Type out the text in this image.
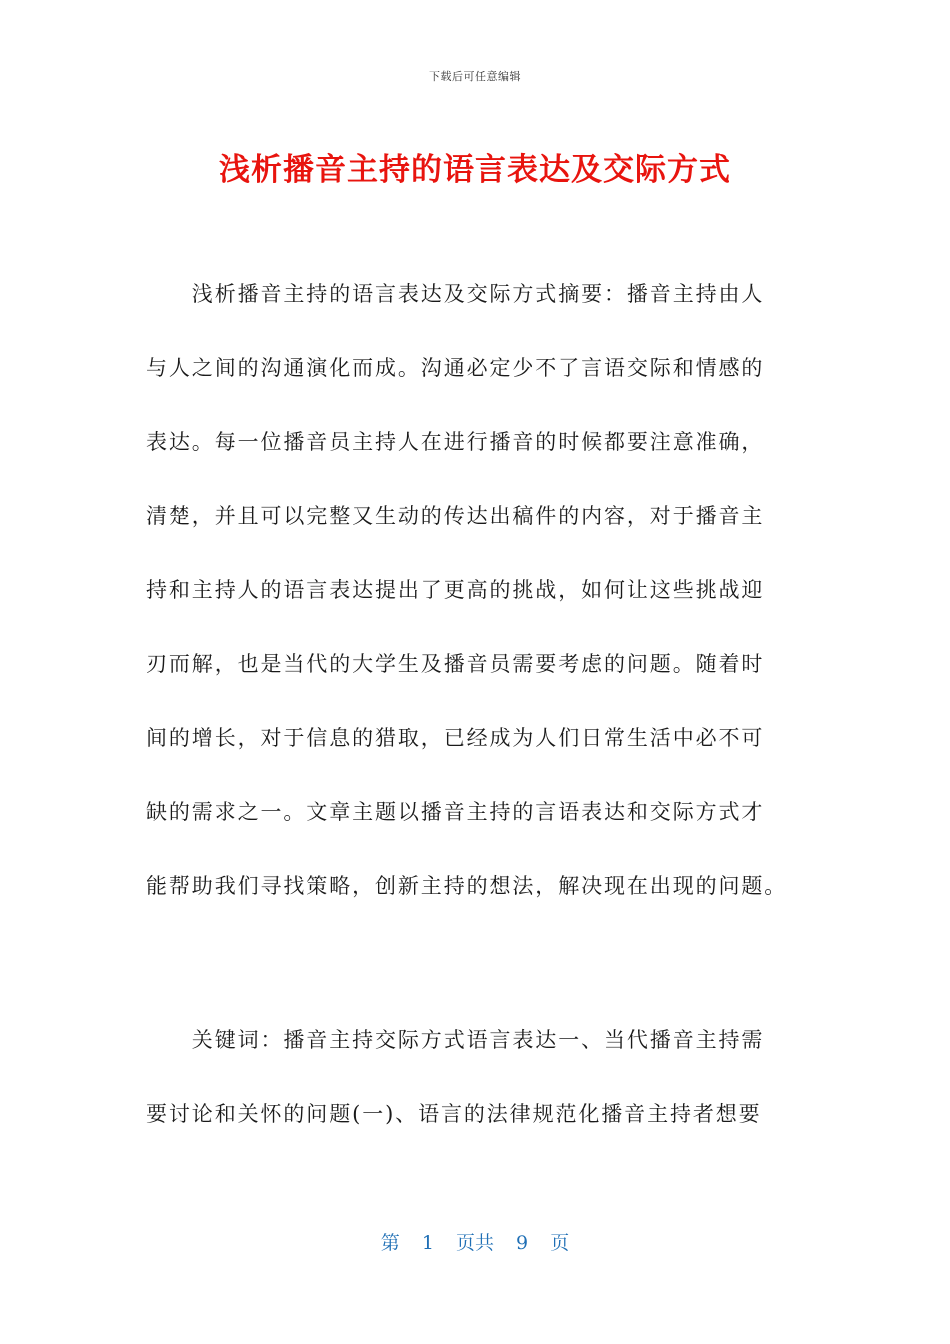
下载后可任意编辑
浅析播音主持的语言表达及交际方式
　　浅析播音主持的语言表达及交际方式摘要：播音主持由人
与人之间的沟通演化而成。沟通必定少不了言语交际和情感的
表达。每一位播音员主持人在进行播音的时候都要注意准确，
清楚，并且可以完整又生动的传达出稿件的内容，对于播音主
持和主持人的语言表达提出了更高的挑战，如何让这些挑战迎
刃而解，也是当代的大学生及播音员需要考虑的问题。随着时
间的增长，对于信息的猎取，已经成为人们日常生活中必不可
缺的需求之一。文章主题以播音主持的言语表达和交际方式才
能帮助我们寻找策略，创新主持的想法，解决现在出现的问题。
　　关键词：播音主持交际方式语言表达一、当代播音主持需
要讨论和关怀的问题(一)、语言的法律规范化播音主持者想要
第 1 页共 9 页
